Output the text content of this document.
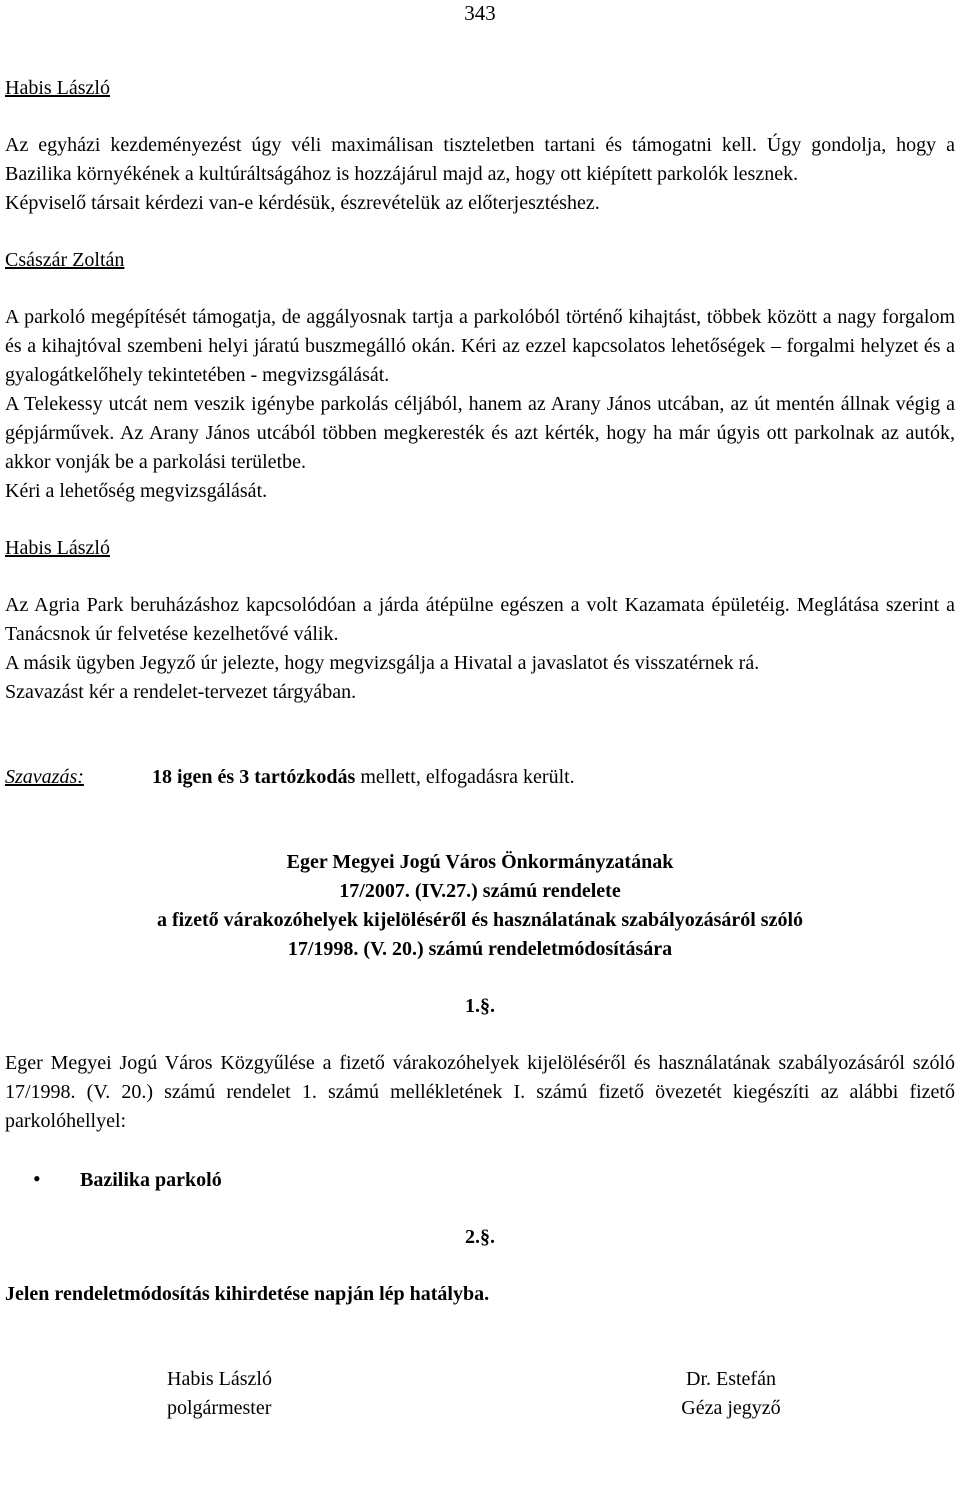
343

Habis László

Az egyházi kezdeményezést úgy véli maximálisan tiszteletben tartani és támogatni kell. Úgy gondolja, hogy a Bazilika környékének a kultúráltságához is hozzájárul majd az, hogy ott kiépített parkolók lesznek.

Képviselő társait kérdezi van-e kérdésük, észrevételük az előterjesztéshez.

Császár Zoltán

A parkoló megépítését támogatja, de aggályosnak tartja a parkolóból történő kihajtást, többek között a nagy forgalom és a kihajtóval szembeni helyi járatú buszmegálló okán. Kéri az ezzel kapcsolatos lehetőségek – forgalmi helyzet és a gyalogátkelőhely tekintetében - megvizsgálását.

A Telekessy utcát nem veszik igénybe parkolás céljából, hanem az Arany János utcában, az út mentén állnak végig a gépjárművek. Az Arany János utcából többen megkeresték és azt kérték, hogy ha már úgyis ott parkolnak az autók, akkor vonják be a parkolási területbe.

Kéri a lehetőség megvizsgálását.

Habis László

Az Agria Park beruházáshoz kapcsolódóan a járda átépülne egészen a volt Kazamata épületéig. Meglátása szerint a Tanácsnok úr felvetése kezelhetővé válik.

A másik ügyben Jegyző úr jelezte, hogy megvizsgálja a Hivatal a javaslatot és visszatérnek rá.

Szavazást kér a rendelet-tervezet tárgyában.

Szavazás:	18 igen és 3 tartózkodás mellett, elfogadásra került.

Eger Megyei Jogú Város Önkormányzatának

17/2007. (IV.27.) számú rendelete

a fizető várakozóhelyek kijelöléséről és használatának szabályozásáról szóló

17/1998. (V. 20.) számú rendeletmódosítására

1.§.

Eger Megyei Jogú Város Közgyűlése a fizető várakozóhelyek kijelöléséről és használatának szabályozásáról szóló 17/1998. (V. 20.) számú rendelet 1. számú mellékletének I. számú fizető övezetét kiegészíti az alábbi fizető parkolóhellyel:

•	Bazilika parkoló

2.§.

Jelen rendeletmódosítás kihirdetése napján lép hatályba.

Habis László
polgármester
Dr. Estefán
Géza jegyző
